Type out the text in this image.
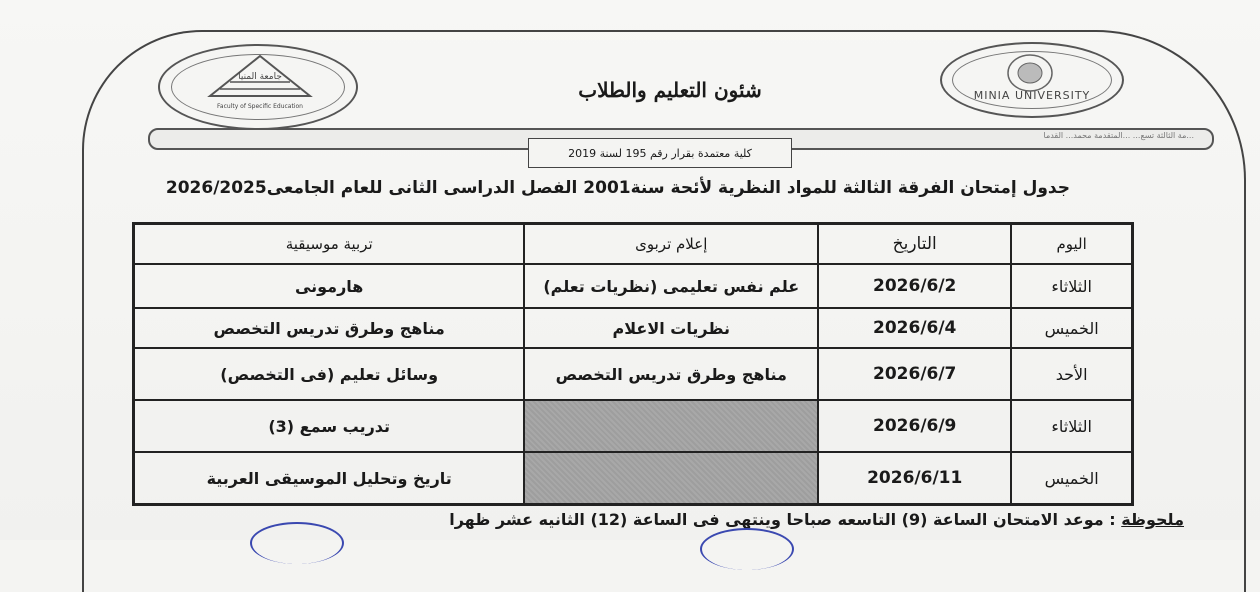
جامعة المنيا
Faculty of Specific Education
MINIA UNIVERSITY
شئون التعليم والطلاب
...مة الثالثة تسع... ...المتقدمة محمد... القدما
كلية معتمدة بقرار رقم 195 لسنة 2019
جدول إمتحان الفرقة الثالثة للمواد النظرية لأئحة سنة2001 الفصل الدراسى الثانى للعام الجامعى2026/2025
اليوم	التاريخ	إعلام تربوى	تربية موسيقية
الثلاثاء	2026/6/2	علم نفس تعليمى (نظريات تعلم)	هارمونى
الخميس	2026/6/4	نظريات الاعلام	مناهج وطرق تدريس التخصص
الأحد	2026/6/7	مناهج وطرق تدريس التخصص	وسائل تعليم (فى التخصص)
الثلاثاء	2026/6/9		تدريب سمع (3)
الخميس	2026/6/11		تاريخ وتحليل الموسيقى العربية
ملحوظة : موعد الامتحان الساعة (9) التاسعه صباحا وينتهى فى الساعة (12) الثانيه عشر ظهرا
